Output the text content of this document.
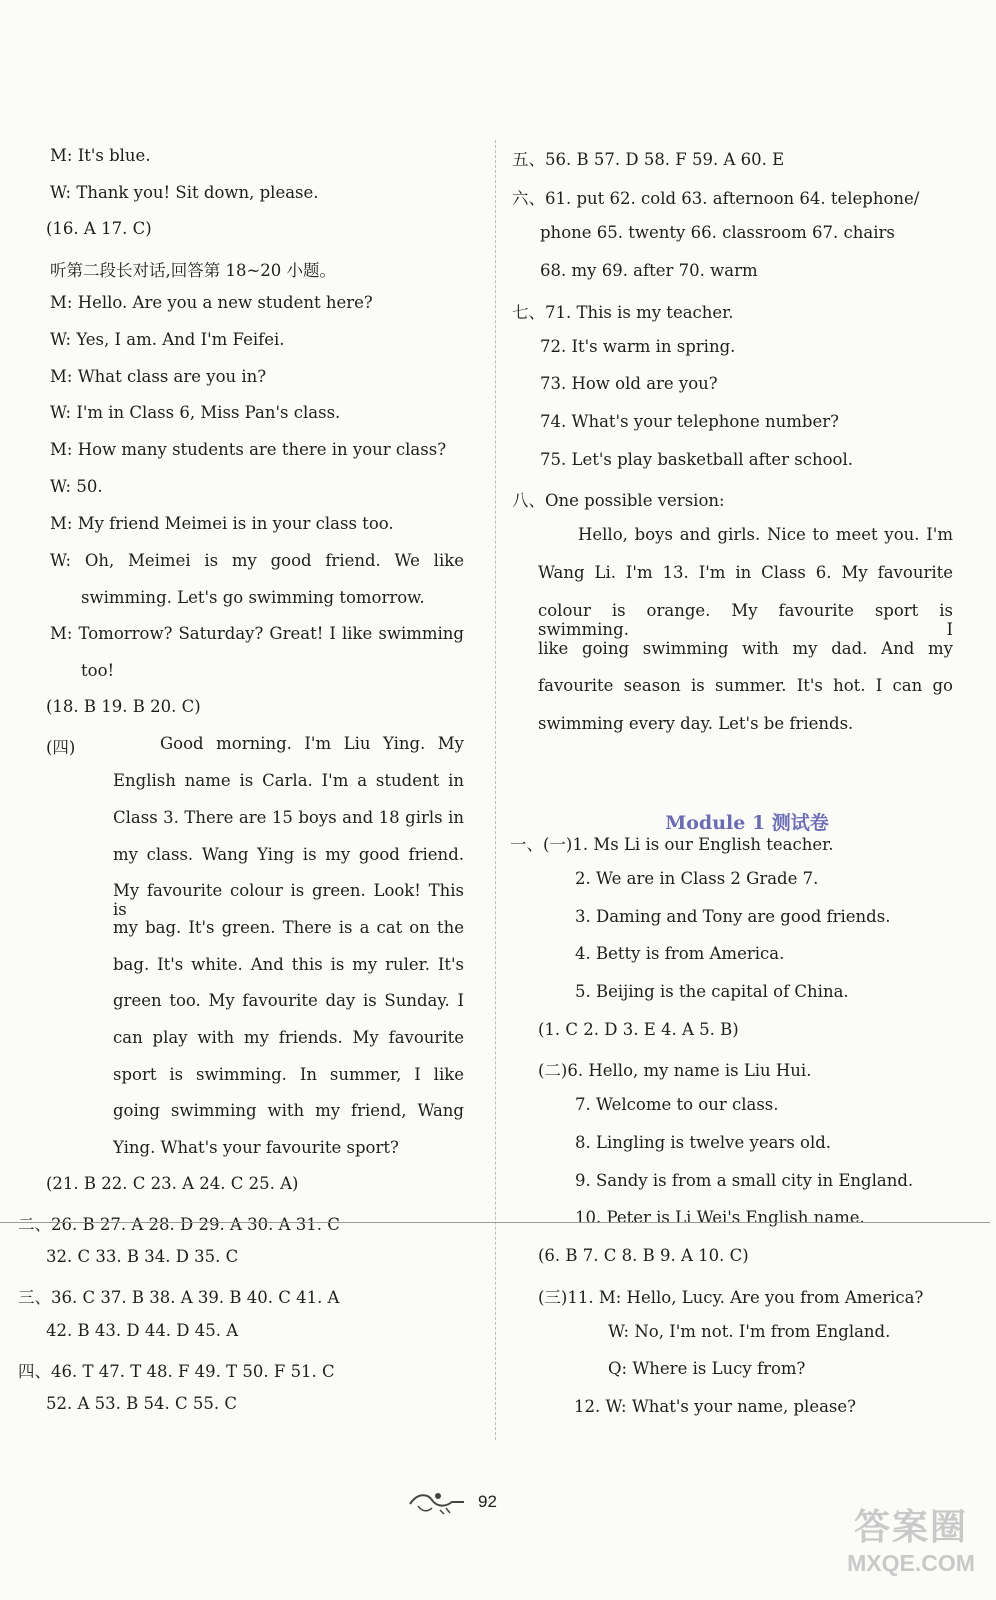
M: It's blue.
W: Thank you! Sit down, please.
(16. A 17. C)
听第二段长对话,回答第 18~20 小题。
M: Hello. Are you a new student here?
W: Yes, I am. And I'm Feifei.
M: What class are you in?
W: I'm in Class 6, Miss Pan's class.
M: How many students are there in your class?
W: 50.
M: My friend Meimei is in your class too.
W: Oh, Meimei is my good friend. We like
swimming. Let's go swimming tomorrow.
M: Tomorrow? Saturday? Great! I like swimming
too!
(18. B 19. B 20. C)
(四)	Good morning. I'm Liu Ying. My
English name is Carla. I'm a student in
Class 3. There are 15 boys and 18 girls in
my class. Wang Ying is my good friend.
My favourite colour is green. Look! This is
my bag. It's green. There is a cat on the
bag. It's white. And this is my ruler. It's
green too. My favourite day is Sunday. I
can play with my friends. My favourite
sport is swimming. In summer, I like
going swimming with my friend, Wang
Ying. What's your favourite sport?
(21. B 22. C 23. A 24. C 25. A)
二、26. B 27. A 28. D 29. A 30. A 31. C
32. C 33. B 34. D 35. C
三、36. C 37. B 38. A 39. B 40. C 41. A
42. B 43. D 44. D 45. A
四、46. T 47. T 48. F 49. T 50. F 51. C
52. A 53. B 54. C 55. C
五、56. B 57. D 58. F 59. A 60. E
六、61. put 62. cold 63. afternoon 64. telephone/
phone 65. twenty 66. classroom 67. chairs
68. my 69. after 70. warm
七、71. This is my teacher.
72. It's warm in spring.
73. How old are you?
74. What's your telephone number?
75. Let's play basketball after school.
八、One possible version:
Hello, boys and girls. Nice to meet you. I'm
Wang Li. I'm 13. I'm in Class 6. My favourite
colour is orange. My favourite sport is swimming. I
like going swimming with my dad. And my
favourite season is summer. It's hot. I can go
swimming every day. Let's be friends.
Module 1 测试卷
一、(一)1. Ms Li is our English teacher.
2. We are in Class 2 Grade 7.
3. Daming and Tony are good friends.
4. Betty is from America.
5. Beijing is the capital of China.
(1. C 2. D 3. E 4. A 5. B)
(二)6. Hello, my name is Liu Hui.
7. Welcome to our class.
8. Lingling is twelve years old.
9. Sandy is from a small city in England.
10. Peter is Li Wei's English name.
(6. B 7. C 8. B 9. A 10. C)
(三)11. M: Hello, Lucy. Are you from America?
W: No, I'm not. I'm from England.
Q: Where is Lucy from?
12. W: What's your name, please?
92
答案圈
MXQE.COM
